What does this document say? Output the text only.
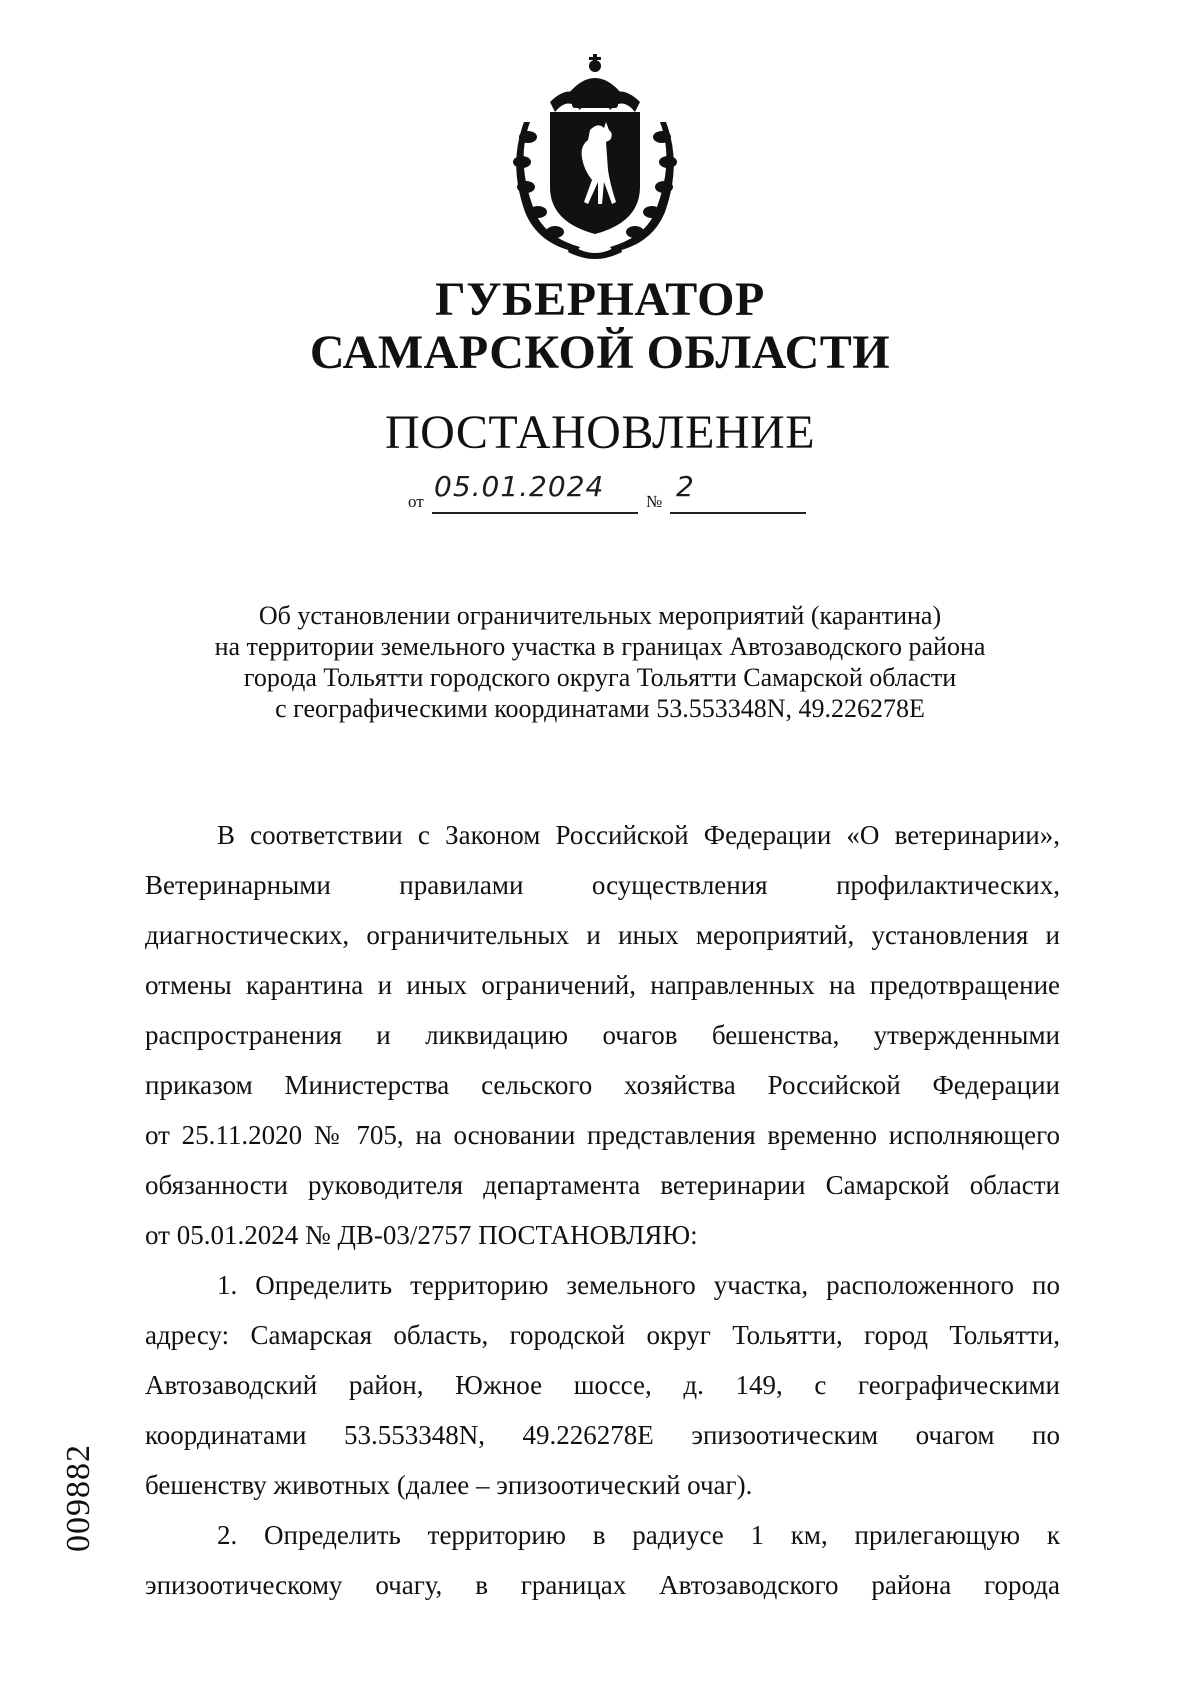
ГУБЕРНАТОР
САМАРСКОЙ ОБЛАСТИ
ПОСТАНОВЛЕНИЕ
от 05.01.2024 № 2
Об установлении ограничительных мероприятий (карантина)
на территории земельного участка в границах Автозаводского района
города Тольятти городского округа Тольятти Самарской области
с географическими координатами 53.553348N, 49.226278E
В соответствии с Законом Российской Федерации «О ветеринарии»,
Ветеринарными правилами осуществления профилактических,
диагностических, ограничительных и иных мероприятий, установления и
отмены карантина и иных ограничений, направленных на предотвращение
распространения и ликвидацию очагов бешенства, утвержденными
приказом Министерства сельского хозяйства Российской Федерации
от 25.11.2020 № 705, на основании представления временно исполняющего
обязанности руководителя департамента ветеринарии Самарской области
от 05.01.2024 № ДВ-03/2757 ПОСТАНОВЛЯЮ:
1. Определить территорию земельного участка, расположенного по
адресу: Самарская область, городской округ Тольятти, город Тольятти,
Автозаводский район, Южное шоссе, д. 149, с географическими
координатами 53.553348N, 49.226278E эпизоотическим очагом по
бешенству животных (далее – эпизоотический очаг).
2. Определить территорию в радиусе 1 км, прилегающую к
эпизоотическому очагу, в границах Автозаводского района города
009882
